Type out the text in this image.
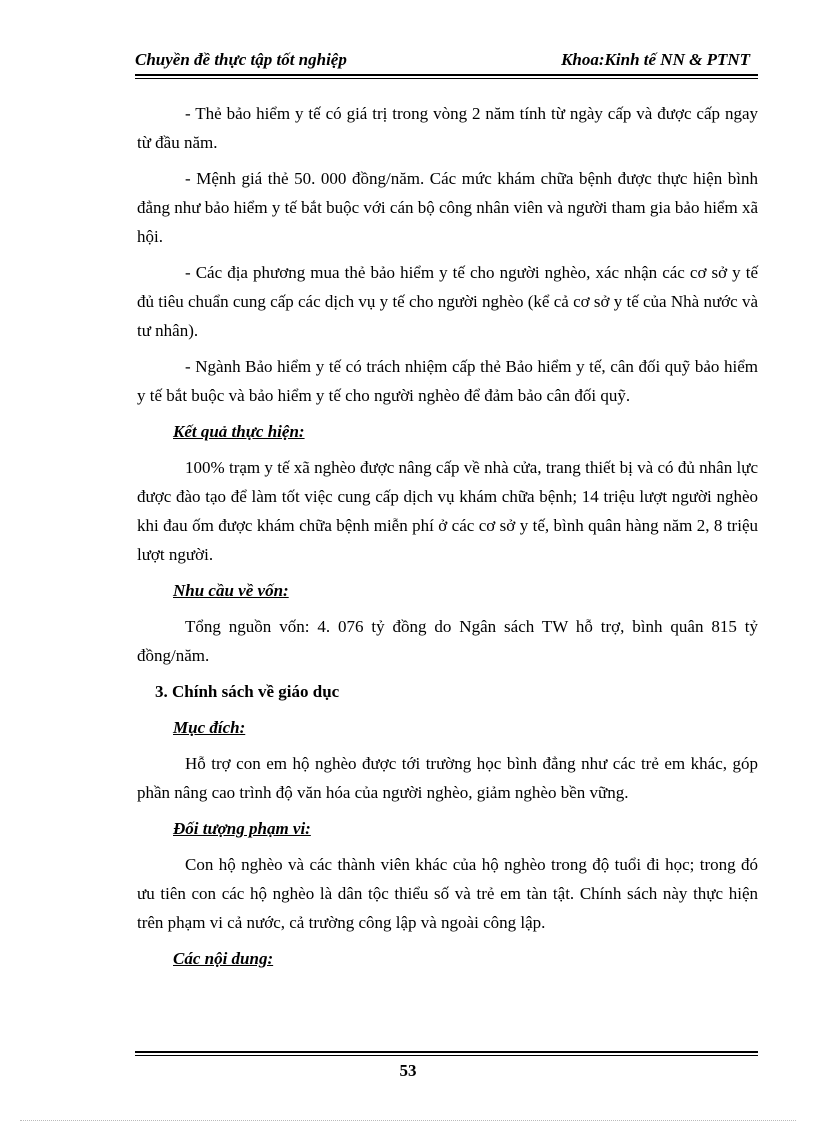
Chuyền đề thực tập tốt nghiệp	Khoa:Kinh tế NN & PTNT

- Thẻ bảo hiểm y tế có giá trị trong vòng 2 năm tính từ ngày cấp và được cấp ngay từ đầu năm.

- Mệnh giá thẻ 50. 000 đồng/năm. Các mức khám chữa bệnh được thực hiện bình đẳng như bảo hiểm y tế bắt buộc với cán bộ công nhân viên và người tham gia bảo hiểm xã hội.

- Các địa phương mua thẻ bảo hiểm y tế cho người nghèo, xác nhận các cơ sở y tế đủ tiêu chuẩn cung cấp các dịch vụ y tế cho người nghèo (kể cả cơ sở y tế của Nhà nước và tư nhân).

- Ngành Bảo hiểm y tế có trách nhiệm cấp thẻ Bảo hiểm y tế, cân đối quỹ bảo hiểm y tế bắt buộc và bảo hiểm y tế cho người nghèo để đảm bảo cân đối quỹ.

Kết quả thực hiện:

100% trạm y tế xã nghèo được nâng cấp về nhà cửa, trang thiết bị và có đủ nhân lực được đào tạo để làm tốt việc cung cấp dịch vụ khám chữa bệnh; 14 triệu lượt người nghèo khi đau ốm được khám chữa bệnh miễn phí ở các cơ sở y tế, bình quân hàng năm 2, 8 triệu lượt người.

Nhu cầu về vốn:

Tổng nguồn vốn: 4. 076 tỷ đồng do Ngân sách TW hỗ trợ, bình quân 815 tỷ đồng/năm.

3. Chính sách về giáo dục

Mục đích:

Hỗ trợ con em hộ nghèo được tới trường học bình đẳng như các trẻ em khác, góp phần nâng cao trình độ văn hóa của người nghèo, giảm nghèo bền vững.

Đối tượng phạm vi:

Con hộ nghèo và các thành viên khác của hộ nghèo trong độ tuổi đi học; trong đó ưu tiên con các hộ nghèo là dân tộc thiểu số và trẻ em tàn tật. Chính sách này thực hiện trên phạm vi cả nước, cả trường công lập và ngoài công lập.

Các nội dung:

53
